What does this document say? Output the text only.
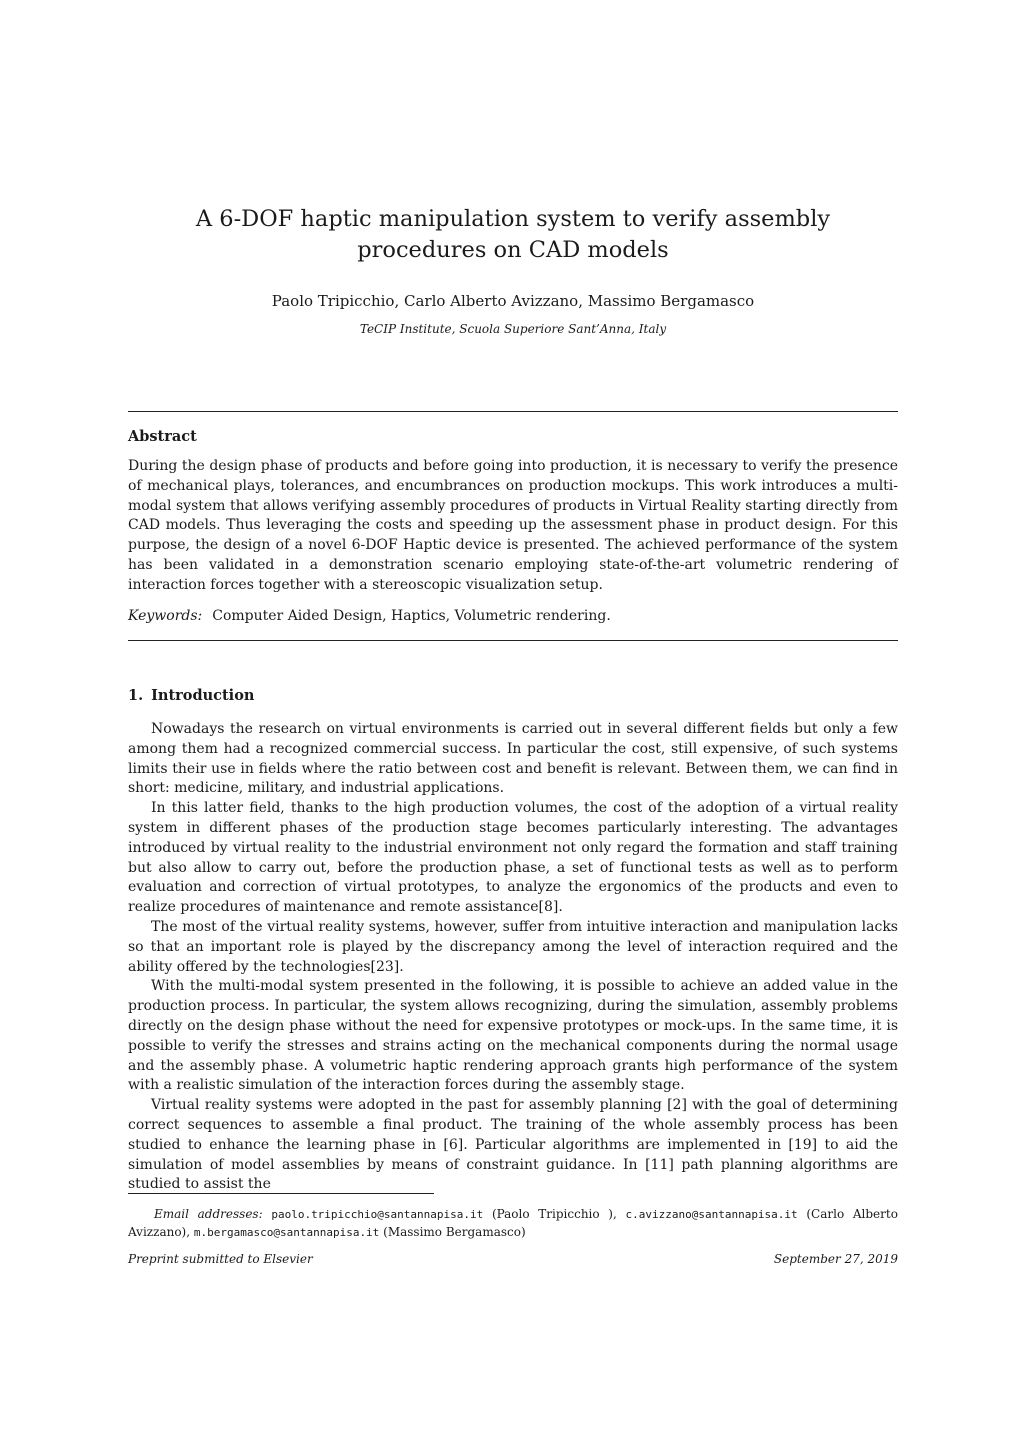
A 6-DOF haptic manipulation system to verify assembly procedures on CAD models
Paolo Tripicchio, Carlo Alberto Avizzano, Massimo Bergamasco
TeCIP Institute, Scuola Superiore Sant’Anna, Italy
Abstract

During the design phase of products and before going into production, it is necessary to verify the presence of mechanical plays, tolerances, and encumbrances on production mockups. This work introduces a multi-modal system that allows verifying assembly procedures of products in Virtual Reality starting directly from CAD models. Thus leveraging the costs and speeding up the assessment phase in product design. For this purpose, the design of a novel 6-DOF Haptic device is presented. The achieved performance of the system has been validated in a demonstration scenario employing state-of-the-art volumetric rendering of interaction forces together with a stereoscopic visualization setup.

Keywords: Computer Aided Design, Haptics, Volumetric rendering.
1. Introduction

Nowadays the research on virtual environments is carried out in several different fields but only a few among them had a recognized commercial success. In particular the cost, still expensive, of such systems limits their use in fields where the ratio between cost and benefit is relevant. Between them, we can find in short: medicine, military, and industrial applications.

In this latter field, thanks to the high production volumes, the cost of the adoption of a virtual reality system in different phases of the production stage becomes particularly interesting. The advantages introduced by virtual reality to the industrial environment not only regard the formation and staff training but also allow to carry out, before the production phase, a set of functional tests as well as to perform evaluation and correction of virtual prototypes, to analyze the ergonomics of the products and even to realize procedures of maintenance and remote assistance[8].

The most of the virtual reality systems, however, suffer from intuitive interaction and manipulation lacks so that an important role is played by the discrepancy among the level of interaction required and the ability offered by the technologies[23].

With the multi-modal system presented in the following, it is possible to achieve an added value in the production process. In particular, the system allows recognizing, during the simulation, assembly problems directly on the design phase without the need for expensive prototypes or mock-ups. In the same time, it is possible to verify the stresses and strains acting on the mechanical components during the normal usage and the assembly phase. A volumetric haptic rendering approach grants high performance of the system with a realistic simulation of the interaction forces during the assembly stage.

Virtual reality systems were adopted in the past for assembly planning [2] with the goal of determining correct sequences to assemble a final product. The training of the whole assembly process has been studied to enhance the learning phase in [6]. Particular algorithms are implemented in [19] to aid the simulation of model assemblies by means of constraint guidance. In [11] path planning algorithms are studied to assist the

Email addresses: paolo.tripicchio@santannapisa.it (Paolo Tripicchio ), c.avizzano@santannapisa.it (Carlo Alberto Avizzano), m.bergamasco@santannapisa.it (Massimo Bergamasco)

Preprint submitted to Elsevier	September 27, 2019
